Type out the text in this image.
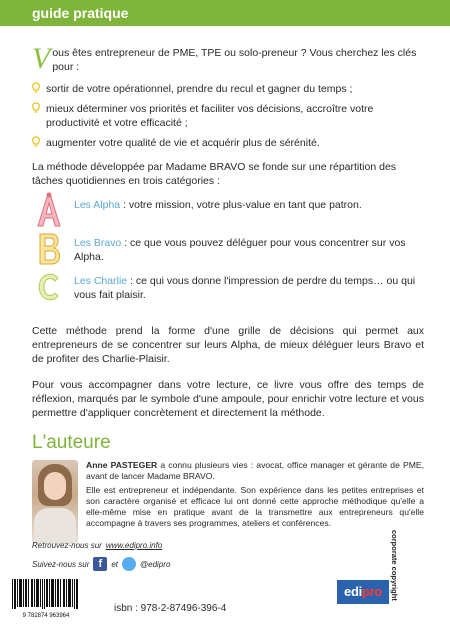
guide pratique
V ous êtes entrepreneur de PME, TPE ou solo-preneur ? Vous cherchez les clés pour :
sortir de votre opérationnel, prendre du recul et gagner du temps ;
mieux déterminer vos priorités et faciliter vos décisions, accroître votre productivité et votre efficacité ;
augmenter votre qualité de vie et acquérir plus de sérénité.
La méthode développée par Madame BRAVO se fonde sur une répartition des tâches quotidiennes en trois catégories :
Les Alpha : votre mission, votre plus-value en tant que patron.
Les Bravo : ce que vous pouvez déléguer pour vous concentrer sur vos Alpha.
Les Charlie : ce qui vous donne l'impression de perdre du temps… ou qui vous fait plaisir.
Cette méthode prend la forme d'une grille de décisions qui permet aux entrepreneurs de se concentrer sur leurs Alpha, de mieux déléguer leurs Bravo et de profiter des Charlie-Plaisir.
Pour vous accompagner dans votre lecture, ce livre vous offre des temps de réflexion, marqués par le symbole d'une ampoule, pour enrichir votre lecture et vous permettre d'appliquer concrètement et directement la méthode.
L'auteure

Anne PASTEGER a connu plusieurs vies : avocat, office manager et gérante de PME, avant de lancer Madame BRAVO.

Elle est entrepreneur et indépendante. Son expérience dans les petites entreprises et son caractère organisé et efficace lui ont donné cette approche méthodique qu'elle a elle-même mise en pratique avant de la transmettre aux entrepreneurs qu'elle accompagne à travers ses programmes, ateliers et conférences.

Retrouvez-nous sur www.edipro.info
Suivez-nous sur f	et	@edipro
9 782874 963964
isbn : 978-2-87496-396-4
edipro	corporate copyright
